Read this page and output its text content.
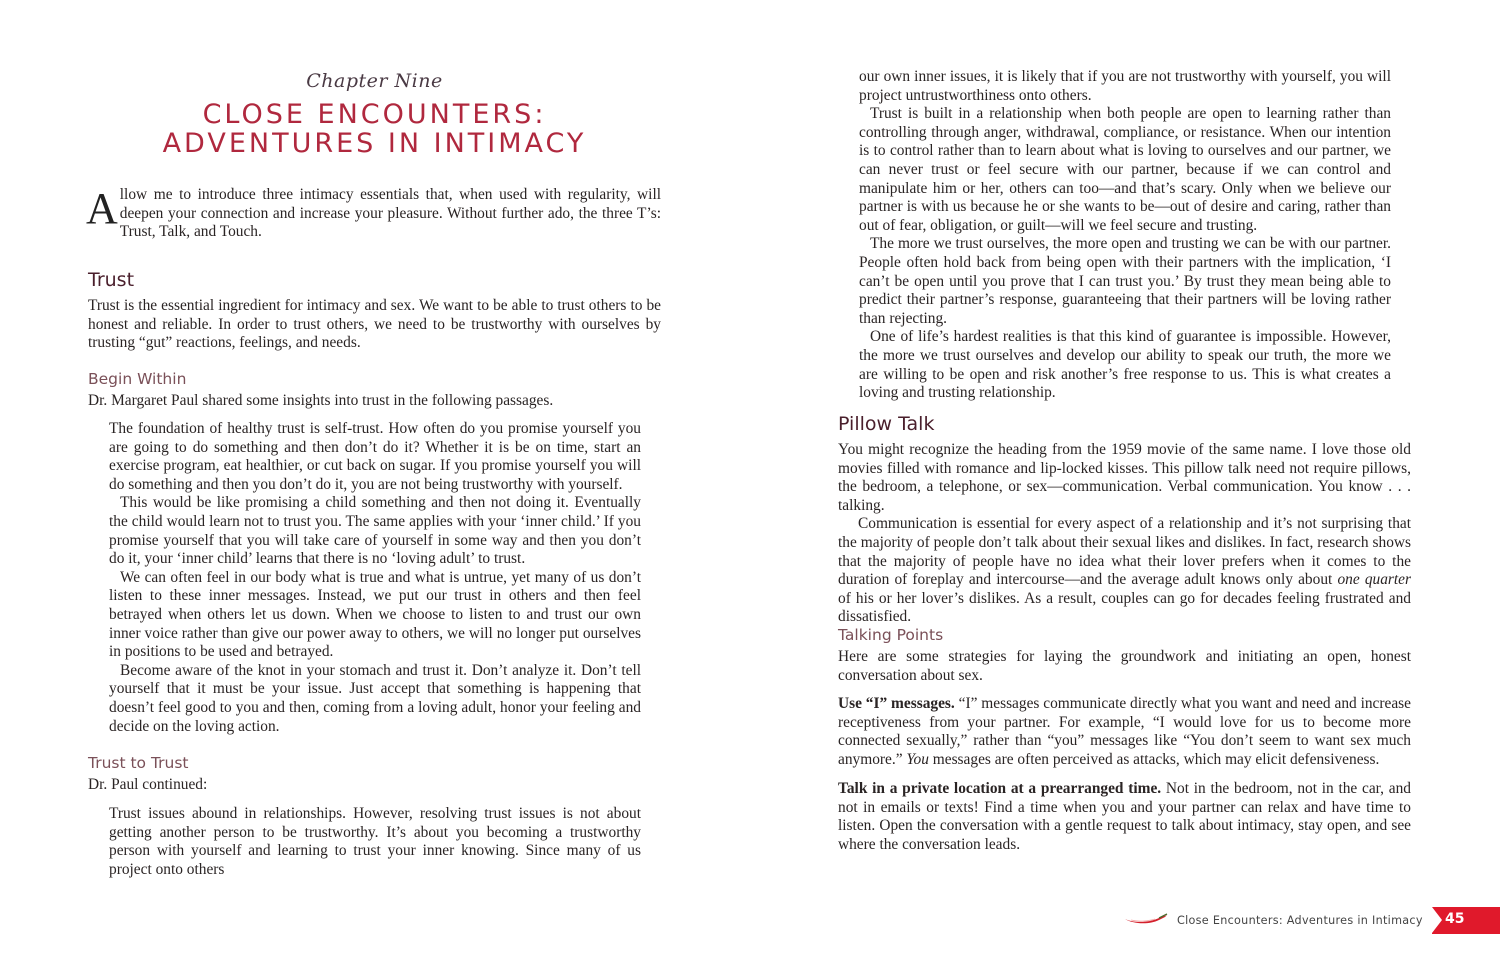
Chapter Nine
CLOSE ENCOUNTERS:
ADVENTURES IN INTIMACY
Allow me to introduce three intimacy essentials that, when used with regularity, will deepen your connection and increase your pleasure. Without further ado, the three T’s: Trust, Talk, and Touch.
Trust
Trust is the essential ingredient for intimacy and sex. We want to be able to trust others to be honest and reliable. In order to trust others, we need to be trustworthy with ourselves by trusting “gut” reactions, feelings, and needs.
Begin Within
Dr. Margaret Paul shared some insights into trust in the following passages.

The foundation of healthy trust is self-trust. How often do you promise yourself you are going to do something and then don’t do it? Whether it is be on time, start an exercise program, eat healthier, or cut back on sugar. If you promise yourself you will do something and then you don’t do it, you are not being trustworthy with yourself.

This would be like promising a child something and then not doing it. Eventually the child would learn not to trust you. The same applies with your ‘inner child.’ If you promise yourself that you will take care of yourself in some way and then you don’t do it, your ‘inner child’ learns that there is no ‘loving adult’ to trust.

We can often feel in our body what is true and what is untrue, yet many of us don’t listen to these inner messages. Instead, we put our trust in others and then feel betrayed when others let us down. When we choose to listen to and trust our own inner voice rather than give our power away to others, we will no longer put ourselves in positions to be used and betrayed.

Become aware of the knot in your stomach and trust it. Don’t analyze it. Don’t tell yourself that it must be your issue. Just accept that something is happening that doesn’t feel good to you and then, coming from a loving adult, honor your feeling and decide on the loving action.

Trust to Trust
Dr. Paul continued:
Trust issues abound in relationships. However, resolving trust issues is not about getting another person to be trustworthy. It’s about you becoming a trustworthy person with yourself and learning to trust your inner knowing. Since many of us project onto others

our own inner issues, it is likely that if you are not trustworthy with yourself, you will project untrustworthiness onto others.

Trust is built in a relationship when both people are open to learning rather than controlling through anger, withdrawal, compliance, or resistance. When our intention is to control rather than to learn about what is loving to ourselves and our partner, we can never trust or feel secure with our partner, because if we can control and manipulate him or her, others can too—and that’s scary. Only when we believe our partner is with us because he or she wants to be—out of desire and caring, rather than out of fear, obligation, or guilt—will we feel secure and trusting.

The more we trust ourselves, the more open and trusting we can be with our partner. People often hold back from being open with their partners with the implication, ‘I can’t be open until you prove that I can trust you.’ By trust they mean being able to predict their partner’s response, guaranteeing that their partners will be loving rather than rejecting.

One of life’s hardest realities is that this kind of guarantee is impossible. However, the more we trust ourselves and develop our ability to speak our truth, the more we are willing to be open and risk another’s free response to us. This is what creates a loving and trusting relationship.

Pillow Talk

You might recognize the heading from the 1959 movie of the same name. I love those old movies filled with romance and lip-locked kisses. This pillow talk need not require pillows, the bedroom, a telephone, or sex—communication. Verbal communication. You know . . . talking.

Communication is essential for every aspect of a relationship and it’s not surprising that the majority of people don’t talk about their sexual likes and dislikes. In fact, research shows that the majority of people have no idea what their lover prefers when it comes to the duration of foreplay and intercourse—and the average adult knows only about one quarter of his or her lover’s dislikes. As a result, couples can go for decades feeling frustrated and dissatisfied.

Talking Points
Here are some strategies for laying the groundwork and initiating an open, honest conversation about sex.
Use “I” messages. “I” messages communicate directly what you want and need and increase receptiveness from your partner. For example, “I would love for us to become more connected sexually,” rather than “you” messages like “You don’t seem to want sex much anymore.” You messages are often perceived as attacks, which may elicit defensiveness.
Talk in a private location at a prearranged time. Not in the bedroom, not in the car, and not in emails or texts! Find a time when you and your partner can relax and have time to listen. Open the conversation with a gentle request to talk about intimacy, stay open, and see where the conversation leads.
Close Encounters: Adventures in Intimacy 45
